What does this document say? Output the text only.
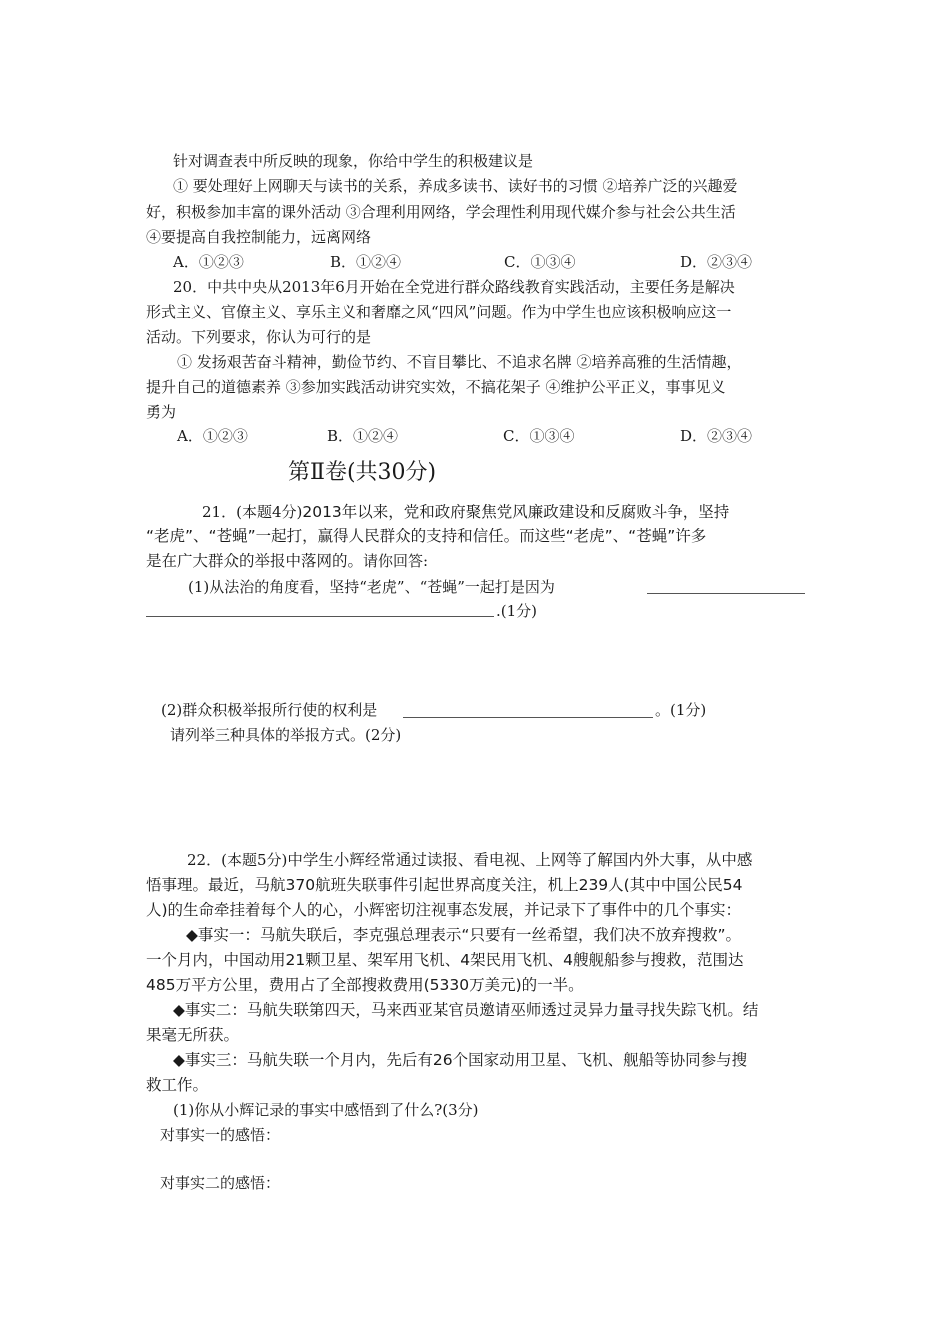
针对调查表中所反映的现象，你给中学生的积极建议是
① 要处理好上网聊天与读书的关系，养成多读书、读好书的习惯 ②培养广泛的兴趣爱
好，积极参加丰富的课外活动 ③合理利用网络，学会理性利用现代媒介参与社会公共生活
④要提高自我控制能力，远离网络
A．①②③	B．①②④	C．①③④	D．②③④
20．中共中央从2013年6月开始在全党进行群众路线教育实践活动，主要任务是解决
形式主义、官僚主义、享乐主义和奢靡之风“四风”问题。作为中学生也应该积极响应这一
活动。下列要求，你认为可行的是
① 发扬艰苦奋斗精神，勤俭节约、不盲目攀比、不追求名牌 ②培养高雅的生活情趣，
提升自己的道德素养 ③参加实践活动讲究实效，不搞花架子 ④维护公平正义，事事见义
勇为
A．①②③	B．①②④	C．①③④	D．②③④
第Ⅱ卷(共30分)
21．(本题4分)2013年以来，党和政府聚焦党风廉政建设和反腐败斗争，坚持
“老虎”、“苍蝇”一起打，赢得人民群众的支持和信任。而这些“老虎”、“苍蝇”许多
是在广大群众的举报中落网的。请你回答:
(1)从法治的角度看，坚持“老虎”、“苍蝇”一起打是因为
.(1分)
(2)群众积极举报所行使的权利是	。(1分)
请列举三种具体的举报方式。(2分)
22．(本题5分)中学生小辉经常通过读报、看电视、上网等了解国内外大事，从中感
悟事理。最近，马航370航班失联事件引起世界高度关注，机上239人(其中中国公民54
人)的生命牵挂着每个人的心，小辉密切注视事态发展，并记录下了事件中的几个事实：
◆事实一：马航失联后，李克强总理表示“只要有一丝希望，我们决不放弃搜救”。
一个月内，中国动用21颗卫星、架军用飞机、4架民用飞机、4艘舰船参与搜救，范围达
485万平方公里，费用占了全部搜救费用(5330万美元)的一半。
◆事实二：马航失联第四天，马来西亚某官员邀请巫师透过灵异力量寻找失踪飞机。结
果毫无所获。
◆事实三：马航失联一个月内，先后有26个国家动用卫星、飞机、舰船等协同参与搜
救工作。
(1)你从小辉记录的事实中感悟到了什么?(3分)
对事实一的感悟：
对事实二的感悟：
